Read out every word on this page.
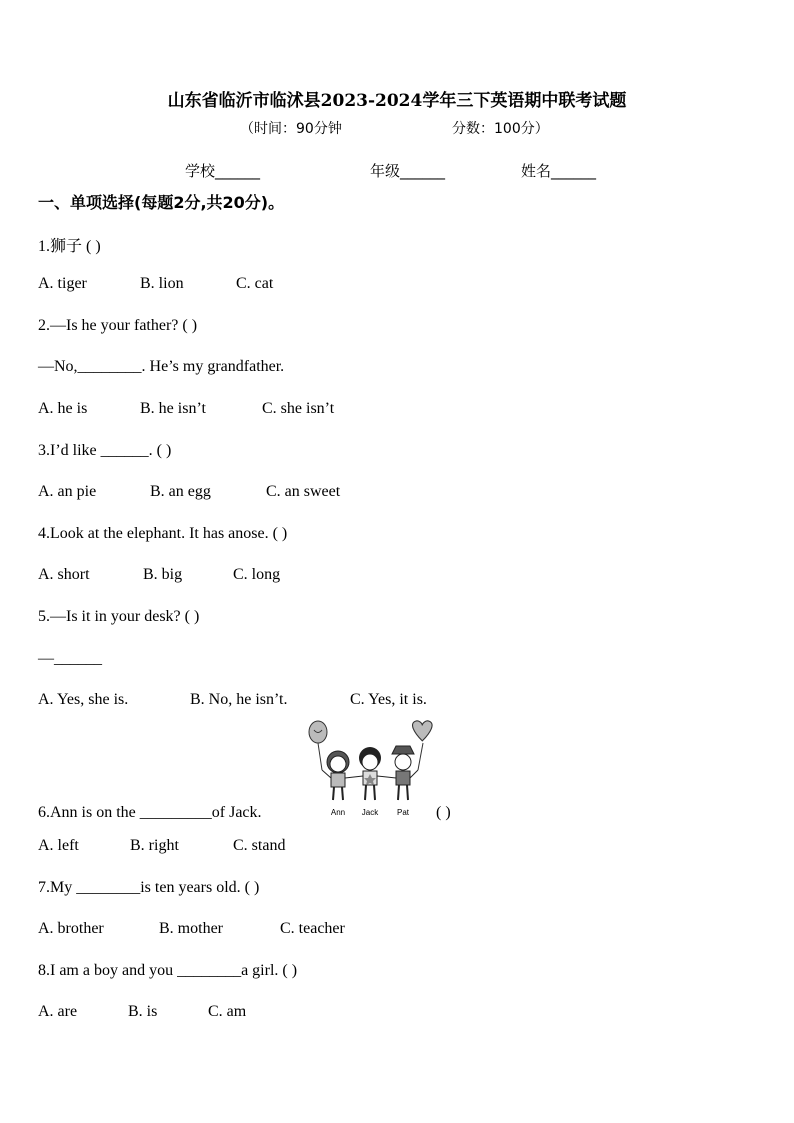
山东省临沂市临沭县2023-2024学年三下英语期中联考试题
（时间：90分钟	分数：100分）
学校______	年级______	姓名______
一、单项选择(每题2分,共20分)。
1.狮子 ( )
A. tiger	B. lion	C. cat
2.—Is he your father? ( )
—No,________. He’s my grandfather.
A. he is	B. he isn’t	C. she isn’t
3.I’d like ______. ( )
A. an pie	B. an egg	C. an sweet
4.Look at the elephant. It has anose. ( )
A. short	B. big	C. long
5.—Is it in your desk? ( )
—______
A. Yes, she is.	B. No, he isn’t.	C. Yes, it is.
Ann Jack Pat
6.Ann is on the _________of Jack.	( )
A. left	B. right	C. stand
7.My ________is ten years old. ( )
A. brother	B. mother	C. teacher
8.I am a boy and you ________a girl. ( )
A. are	B. is	C. am
